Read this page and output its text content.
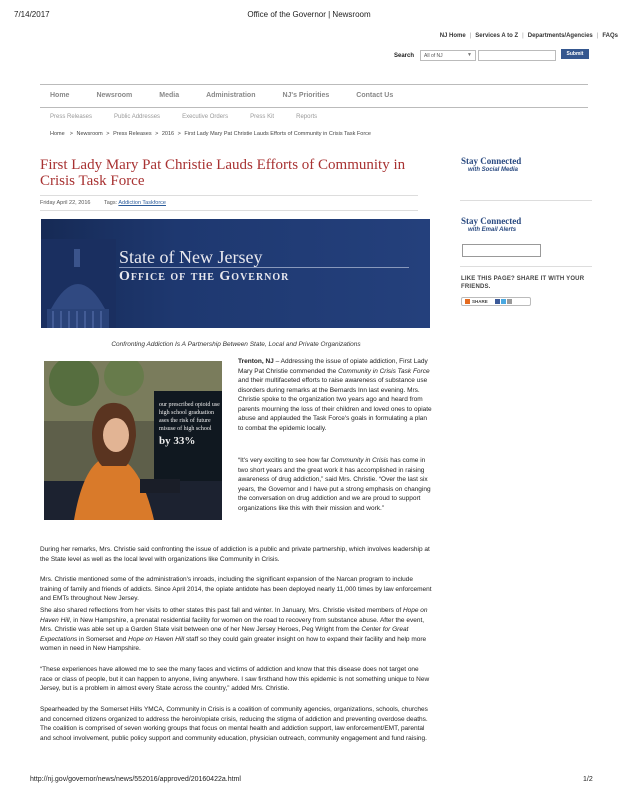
7/14/2017	Office of the Governor | Newsroom
http://nj.gov/governor/news/news/552016/approved/20160422a.html	1/2
NJ Home | Services A to Z | Departments/Agencies | FAQs
Search	All of NJ	▼	Submit
Home	Newsroom	Media	Administration	NJ's Priorities	Contact Us
Press Releases	Public Addresses	Executive Orders	Press Kit	Reports
Home  > Newsroom > Press Releases > 2016 > First Lady Mary Pat Christie Lauds Efforts of Community in Crisis Task Force
First Lady Mary Pat Christie Lauds Efforts of Community in Crisis Task Force
Friday April 22, 2016 Tags: Addiction Taskforce
State of New Jersey
Office of the Governor
Confronting Addiction Is A Partnership Between State, Local and Private Organizations
our prescribed opioid use
high school graduation
ases the risk of future
misuse of high school
by 33%
Trenton, NJ – Addressing the issue of opiate addiction, First Lady Mary Pat Christie commended the Community in Crisis Task Force and their multifaceted efforts to raise awareness of substance use disorders during remarks at the Bernards Inn last evening. Mrs. Christie spoke to the organization two years ago and heard from parents mourning the loss of their children and loved ones to opiate abuse and applauded the Task Force's goals in formulating a plan to combat the epidemic locally.
“It's very exciting to see how far Community in Crisis has come in two short years and the great work it has accomplished in raising awareness of drug addiction,” said Mrs. Christie. “Over the last six years, the Governor and I have put a strong emphasis on changing the conversation on drug addiction and we are proud to support organizations like this with their mission and work.”
During her remarks, Mrs. Christie said confronting the issue of addiction is a public and private partnership, which involves leadership at the State level as well as the local level with organizations like Community in Crisis.
Mrs. Christie mentioned some of the administration's inroads, including the significant expansion of the Narcan program to include training of family and friends of addicts. Since April 2014, the opiate antidote has been deployed nearly 11,000 times by law enforcement and EMTs throughout New Jersey.
She also shared reflections from her visits to other states this past fall and winter. In January, Mrs. Christie visited members of Hope on Haven Hill, in New Hampshire, a prenatal residential facility for women on the road to recovery from substance abuse. After the event, Mrs. Christie was able set up a Garden State visit between one of her New Jersey Heroes, Peg Wright from the Center for Great Expectations in Somerset and Hope on Haven Hill staff so they could gain greater insight on how to expand their facility and help more women in need in New Hampshire.
“These experiences have allowed me to see the many faces and victims of addiction and know that this disease does not target one race or class of people, but it can happen to anyone, living anywhere. I saw firsthand how this epidemic is not something unique to New Jersey, but is a problem in almost every State across the country,” added Mrs. Christie.
Spearheaded by the Somerset Hills YMCA, Community in Crisis is a coalition of community agencies, organizations, schools, churches and concerned citizens organized to address the heroin/opiate crisis, reducing the stigma of addiction and preventing overdose deaths. The coalition is comprised of seven working groups that focus on mental health and addiction support, law enforcement/EMT, parental and school involvement, public policy support and community education, physician outreach, community engagement and fund raising.
Stay Connected
with Social Media
Stay Connected
with Email Alerts
LIKE THIS PAGE? SHARE IT WITH YOUR FRIENDS.
SHARE
